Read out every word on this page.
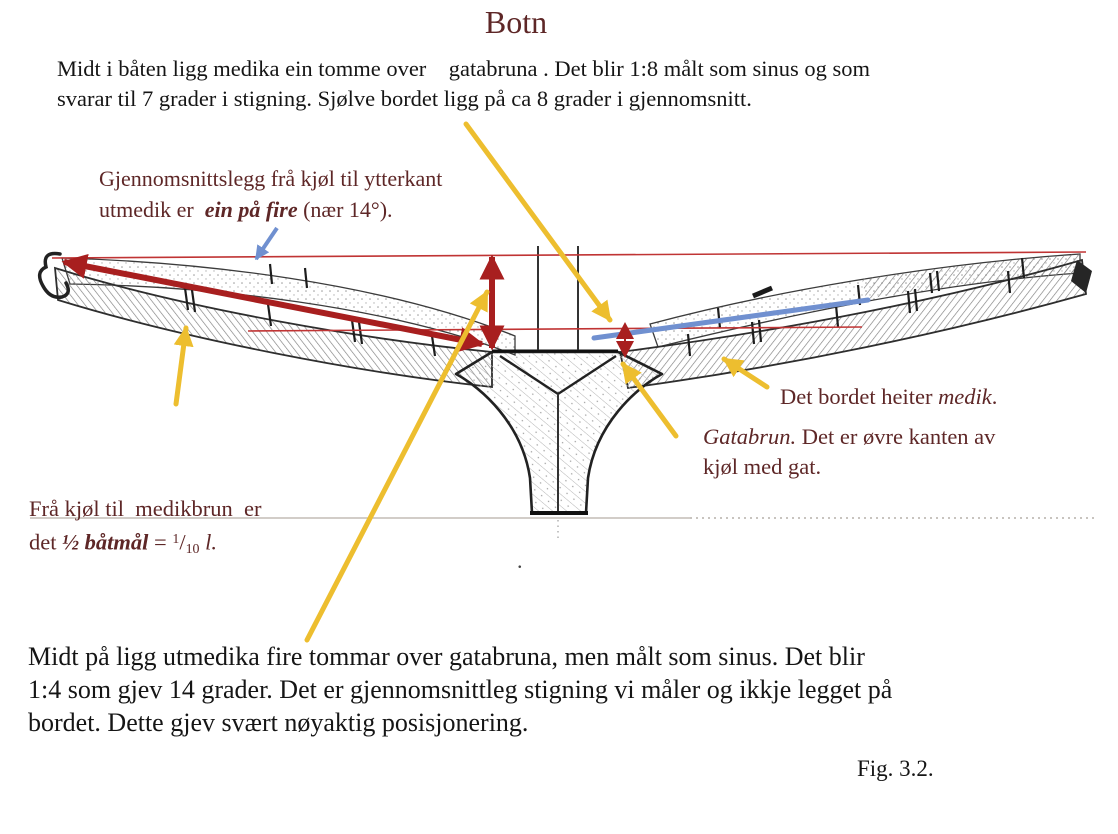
Botn
Midt i båten ligg medika ein tomme over    gatabruna . Det blir 1:8 målt som sinus og som
svarar til 7 grader i stigning. Sjølve bordet ligg på ca 8 grader i gjennomsnitt.
Gjennomsnittslegg frå kjøl til ytterkant
utmedik er  ein på fire (nær 14°).
Det bordet heiter medik.
Gatabrun. Det er øvre kanten av
kjøl med gat.
Frå kjøl til  medikbrun  er
det ½ båtmål = $^1/_{10}$ l.
.
Midt på ligg utmedika fire tommar over gatabruna, men målt som sinus. Det blir
1:4 som gjev 14 grader. Det er gjennomsnittleg stigning vi måler og ikkje legget på
bordet. Dette gjev svært nøyaktig posisjonering.
Fig. 3.2.
